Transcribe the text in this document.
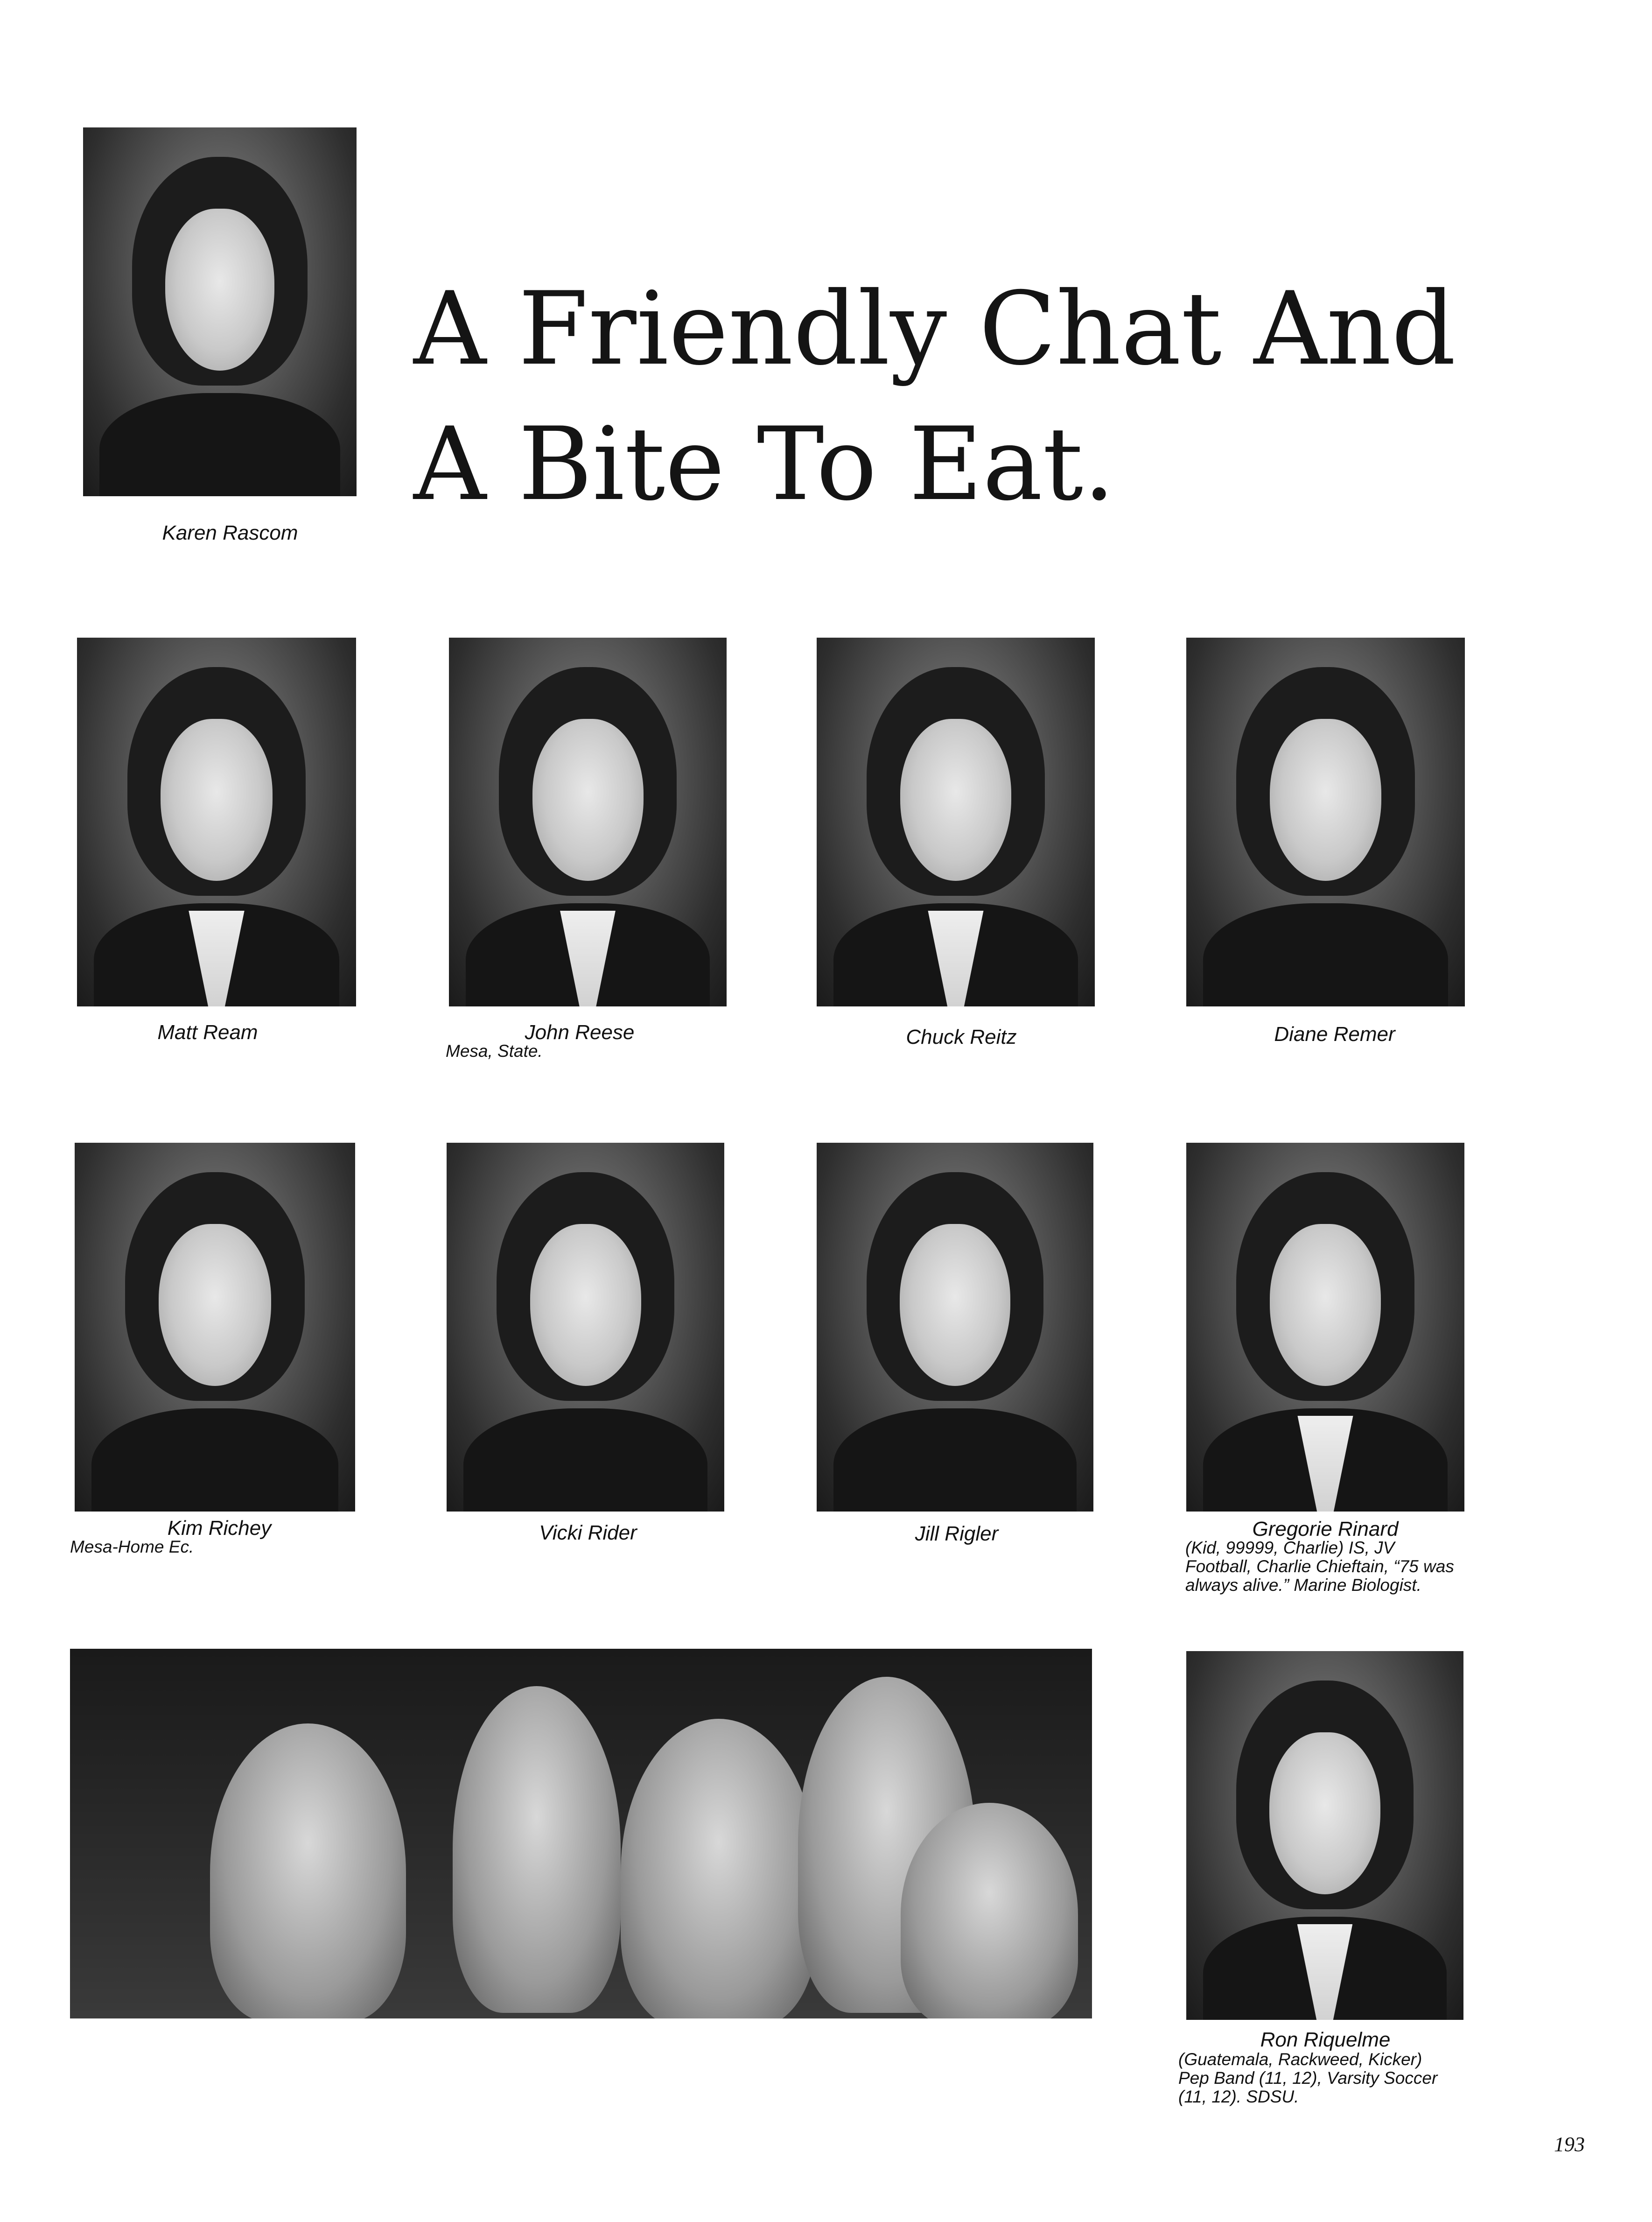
A Friendly Chat And
A Bite To Eat.
Karen Rascom
Matt Ream	John Reese
Mesa, State.
Chuck Reitz	Diane Remer
Kim Richey
Mesa-Home Ec.
Vicki Rider	Jill Rigler	Gregorie Rinard
(Kid, 99999, Charlie) IS, JV Football, Charlie Chieftain, “75 was always alive.” Marine Biologist.
Ron Riquelme
(Guatemala, Rackweed, Kicker) Pep Band (11, 12), Varsity Soccer (11, 12). SDSU.
193
